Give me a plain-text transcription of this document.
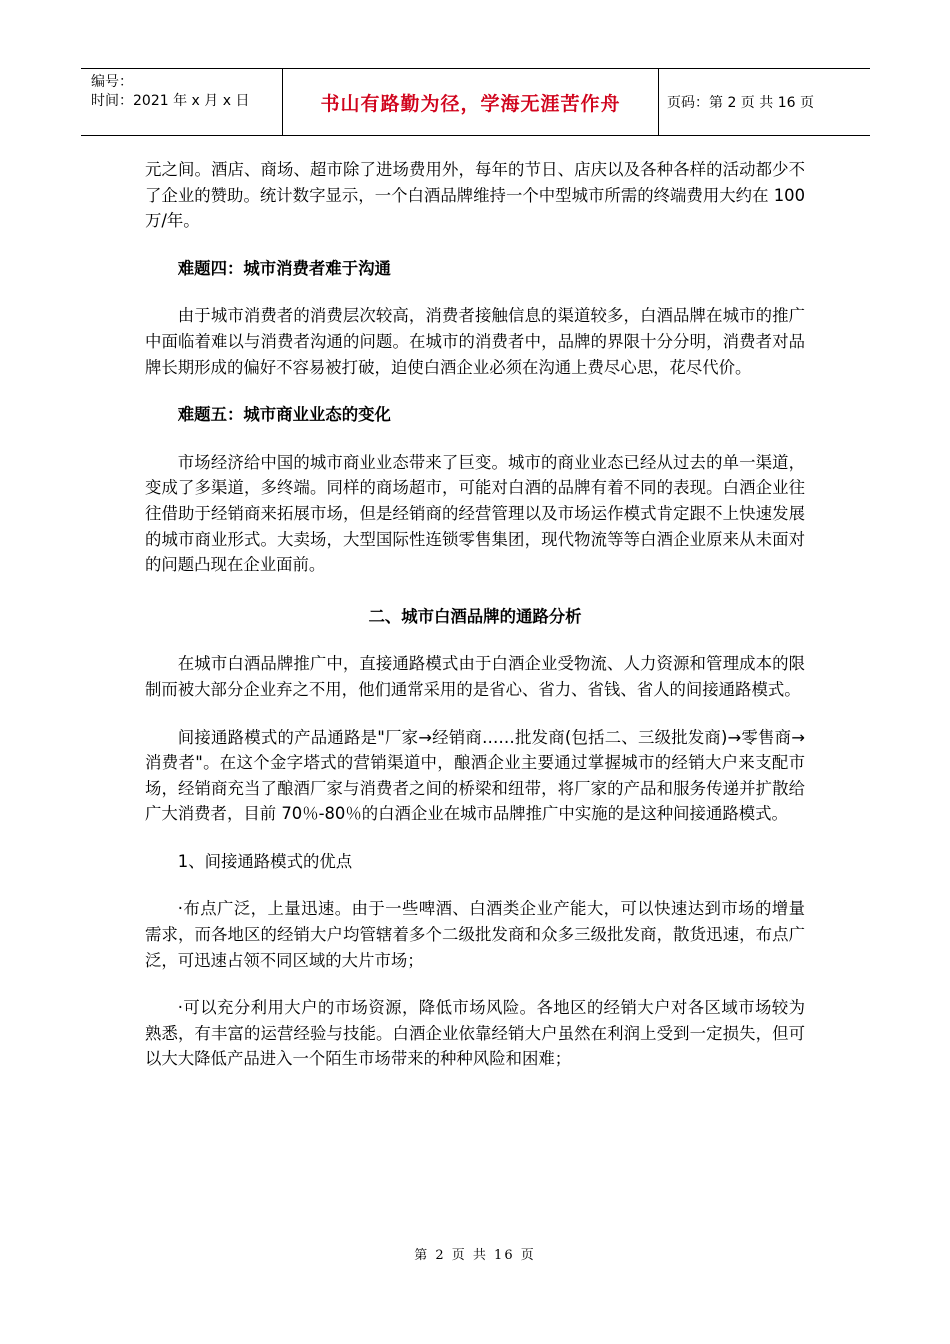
编号：
时间：2021 年 x 月 x 日	书山有路勤为径，学海无涯苦作舟	页码：第 2 页 共 16 页

元之间。酒店、商场、超市除了进场费用外，每年的节日、店庆以及各种各样的活动都少不了企业的赞助。统计数字显示，一个白酒品牌维持一个中型城市所需的终端费用大约在 100 万/年。

难题四：城市消费者难于沟通

由于城市消费者的消费层次较高，消费者接触信息的渠道较多，白酒品牌在城市的推广中面临着难以与消费者沟通的问题。在城市的消费者中，品牌的界限十分分明，消费者对品牌长期形成的偏好不容易被打破，迫使白酒企业必须在沟通上费尽心思，花尽代价。

难题五：城市商业业态的变化

市场经济给中国的城市商业业态带来了巨变。城市的商业业态已经从过去的单一渠道，变成了多渠道，多终端。同样的商场超市，可能对白酒的品牌有着不同的表现。白酒企业往往借助于经销商来拓展市场，但是经销商的经营管理以及市场运作模式肯定跟不上快速发展的城市商业形式。大卖场，大型国际性连锁零售集团，现代物流等等白酒企业原来从未面对的问题凸现在企业面前。

二、城市白酒品牌的通路分析

在城市白酒品牌推广中，直接通路模式由于白酒企业受物流、人力资源和管理成本的限制而被大部分企业弃之不用，他们通常采用的是省心、省力、省钱、省人的间接通路模式。

间接通路模式的产品通路是"厂家→经销商……批发商(包括二、三级批发商)→零售商→消费者"。在这个金字塔式的营销渠道中，酿酒企业主要通过掌握城市的经销大户来支配市场，经销商充当了酿酒厂家与消费者之间的桥梁和纽带，将厂家的产品和服务传递并扩散给广大消费者，目前 70％-80％的白酒企业在城市品牌推广中实施的是这种间接通路模式。

1、间接通路模式的优点

·布点广泛，上量迅速。由于一些啤酒、白酒类企业产能大，可以快速达到市场的增量需求，而各地区的经销大户均管辖着多个二级批发商和众多三级批发商，散货迅速，布点广泛，可迅速占领不同区域的大片市场；

·可以充分利用大户的市场资源，降低市场风险。各地区的经销大户对各区域市场较为熟悉，有丰富的运营经验与技能。白酒企业依靠经销大户虽然在利润上受到一定损失，但可以大大降低产品进入一个陌生市场带来的种种风险和困难；

第 2 页 共 16 页
